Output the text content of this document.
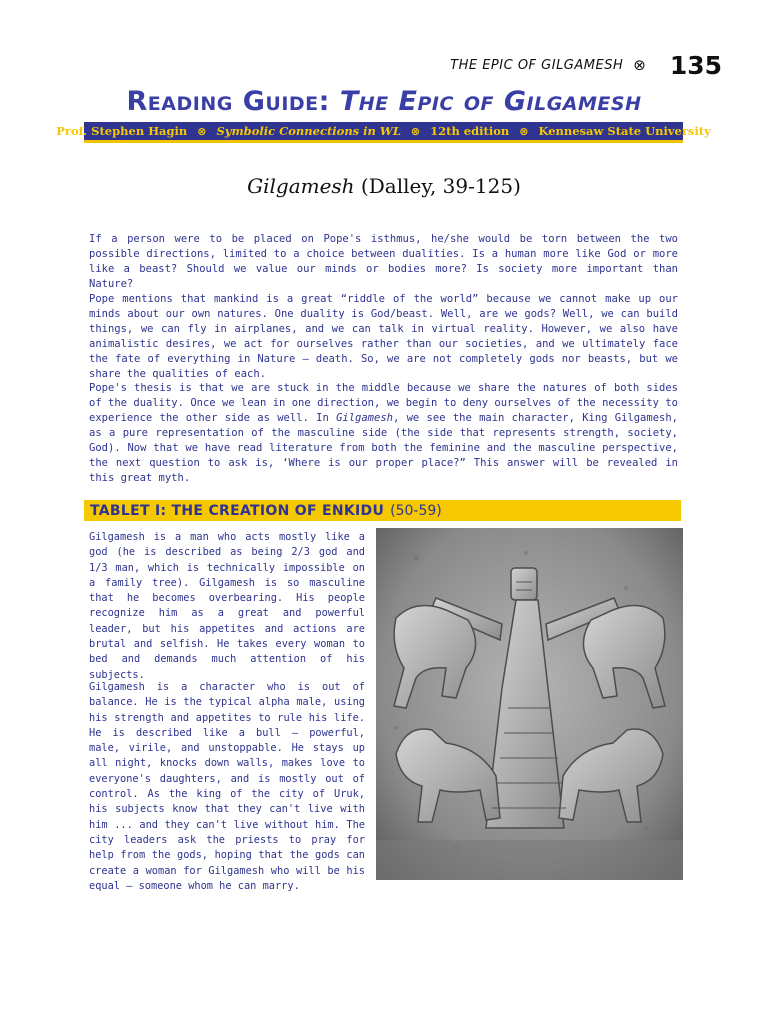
THE EPIC OF GILGAMESH ⊗ 135
Reading Guide: The Epic of Gilgamesh
Prof. Stephen Hagin ⊗ Symbolic Connections in WL ⊗ 12th edition ⊗ Kennesaw State University
Gilgamesh (Dalley, 39-125)

If a person were to be placed on Pope's isthmus, he/she would be torn between the two possible directions, limited to a choice between dualities. Is a human more like God or more like a beast? Should we value our minds or bodies more? Is society more important than Nature?

Pope mentions that mankind is a great “riddle of the world” because we cannot make up our minds about our own natures. One duality is God/beast. Well, are we gods? Well, we can build things, we can fly in airplanes, and we can talk in virtual reality. However, we also have animalistic desires, we act for ourselves rather than our societies, and we ultimately face the fate of everything in Nature — death. So, we are not completely gods nor beasts, but we share the qualities of each.

Pope's thesis is that we are stuck in the middle because we share the natures of both sides of the duality. Once we lean in one direction, we begin to deny ourselves of the necessity to experience the other side as well. In Gilgamesh, we see the main character, King Gilgamesh, as a pure representation of the masculine side (the side that represents strength, society, God). Now that we have read literature from both the feminine and the masculine perspective, the next question to ask is, ‘Where is our proper place?” This answer will be revealed in this great myth.

TABLET I: THE CREATION OF ENKIDU (50-59)

Gilgamesh is a man who acts mostly like a god (he is described as being 2/3 god and 1/3 man, which is technically impossible on a family tree). Gilgamesh is so masculine that he becomes overbearing. His people recognize him as a great and powerful leader, but his appetites and actions are brutal and selfish. He takes every woman to bed and demands much attention of his subjects.

Gilgamesh is a character who is out of balance. He is the typical alpha male, using his strength and appetites to rule his life. He is described like a bull — powerful, male, virile, and unstoppable. He stays up all night, knocks down walls, makes love to everyone's daughters, and is mostly out of control. As the king of the city of Uruk, his subjects know that they can't live with him ... and they can't live without him. The city leaders ask the priests to pray for help from the gods, hoping that the gods can create a woman for Gilgamesh who will be his equal — someone whom he can marry.
